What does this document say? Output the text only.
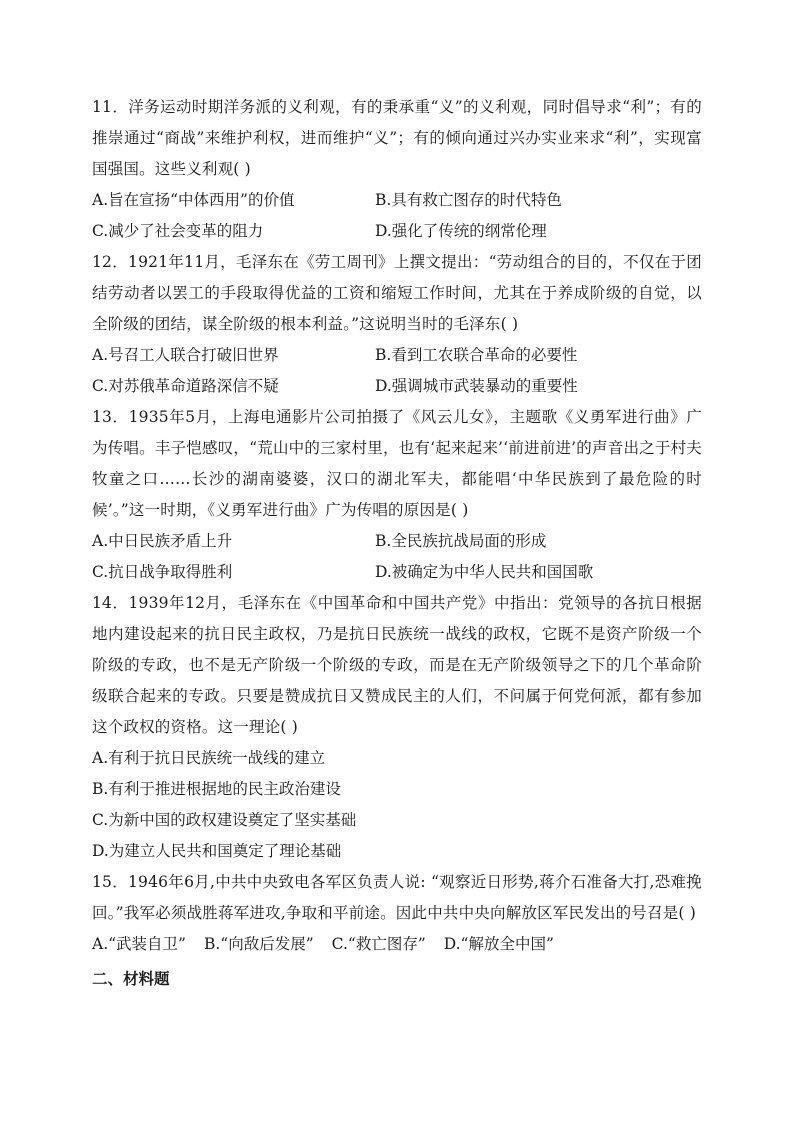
11．洋务运动时期洋务派的义利观，有的秉承重“义”的义利观，同时倡导求“利”；有的推崇通过“商战”来维护利权，进而维护“义”；有的倾向通过兴办实业来求“利”，实现富国强国。这些义利观( )

A.旨在宣扬“中体西用”的价值	B.具有救亡图存的时代特色
C.减少了社会变革的阻力	D.强化了传统的纲常伦理

12．1921年11月，毛泽东在《劳工周刊》上撰文提出：“劳动组合的目的，不仅在于团结劳动者以罢工的手段取得优益的工资和缩短工作时间，尤其在于养成阶级的自觉，以全阶级的团结，谋全阶级的根本利益。”这说明当时的毛泽东( )

A.号召工人联合打破旧世界	B.看到工农联合革命的必要性
C.对苏俄革命道路深信不疑	D.强调城市武装暴动的重要性

13．1935年5月，上海电通影片公司拍摄了《风云儿女》，主题歌《义勇军进行曲》广为传唱。丰子恺感叹，“荒山中的三家村里，也有‘起来起来’‘前进前进’的声音出之于村夫牧童之口……长沙的湖南婆婆，汉口的湖北军夫，都能唱‘中华民族到了最危险的时候’。”这一时期，《义勇军进行曲》广为传唱的原因是( )

A.中日民族矛盾上升	B.全民族抗战局面的形成
C.抗日战争取得胜利	D.被确定为中华人民共和国国歌

14．1939年12月，毛泽东在《中国革命和中国共产党》中指出：党领导的各抗日根据地内建设起来的抗日民主政权，乃是抗日民族统一战线的政权，它既不是资产阶级一个阶级的专政，也不是无产阶级一个阶级的专政，而是在无产阶级领导之下的几个革命阶级联合起来的专政。只要是赞成抗日又赞成民主的人们，不问属于何党何派，都有参加这个政权的资格。这一理论( )

A.有利于抗日民族统一战线的建立
B.有利于推进根据地的民主政治建设
C.为新中国的政权建设奠定了坚实基础
D.为建立人民共和国奠定了理论基础

15．1946年6月,中共中央致电各军区负责人说: “观察近日形势,蒋介石准备大打,恐难挽回。”我军必须战胜蒋军进攻,争取和平前途。因此中共中央向解放区军民发出的号召是( )

A.“武装自卫” B.“向敌后发展” C.“救亡图存” D.“解放全中国”
二、材料题
